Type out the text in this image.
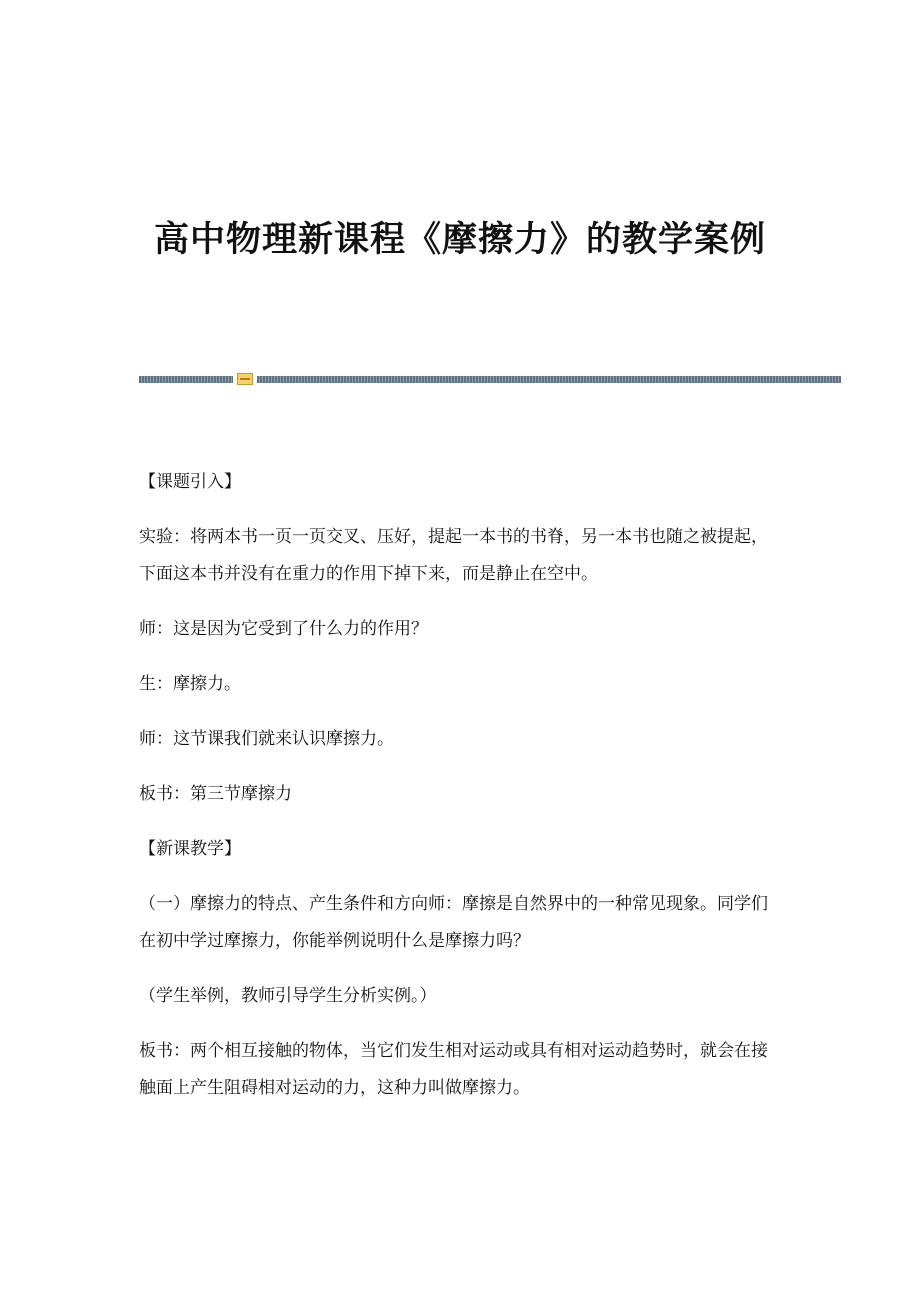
高中物理新课程《摩擦力》的教学案例

【课题引入】

实验：将两本书一页一页交叉、压好，提起一本书的书脊，另一本书也随之被提起，下面这本书并没有在重力的作用下掉下来，而是静止在空中。

师：这是因为它受到了什么力的作用？

生：摩擦力。

师：这节课我们就来认识摩擦力。

板书：第三节摩擦力

【新课教学】

（一）摩擦力的特点、产生条件和方向师：摩擦是自然界中的一种常见现象。同学们在初中学过摩擦力，你能举例说明什么是摩擦力吗？

（学生举例，教师引导学生分析实例。）

板书：两个相互接触的物体，当它们发生相对运动或具有相对运动趋势时，就会在接触面上产生阻碍相对运动的力，这种力叫做摩擦力。
